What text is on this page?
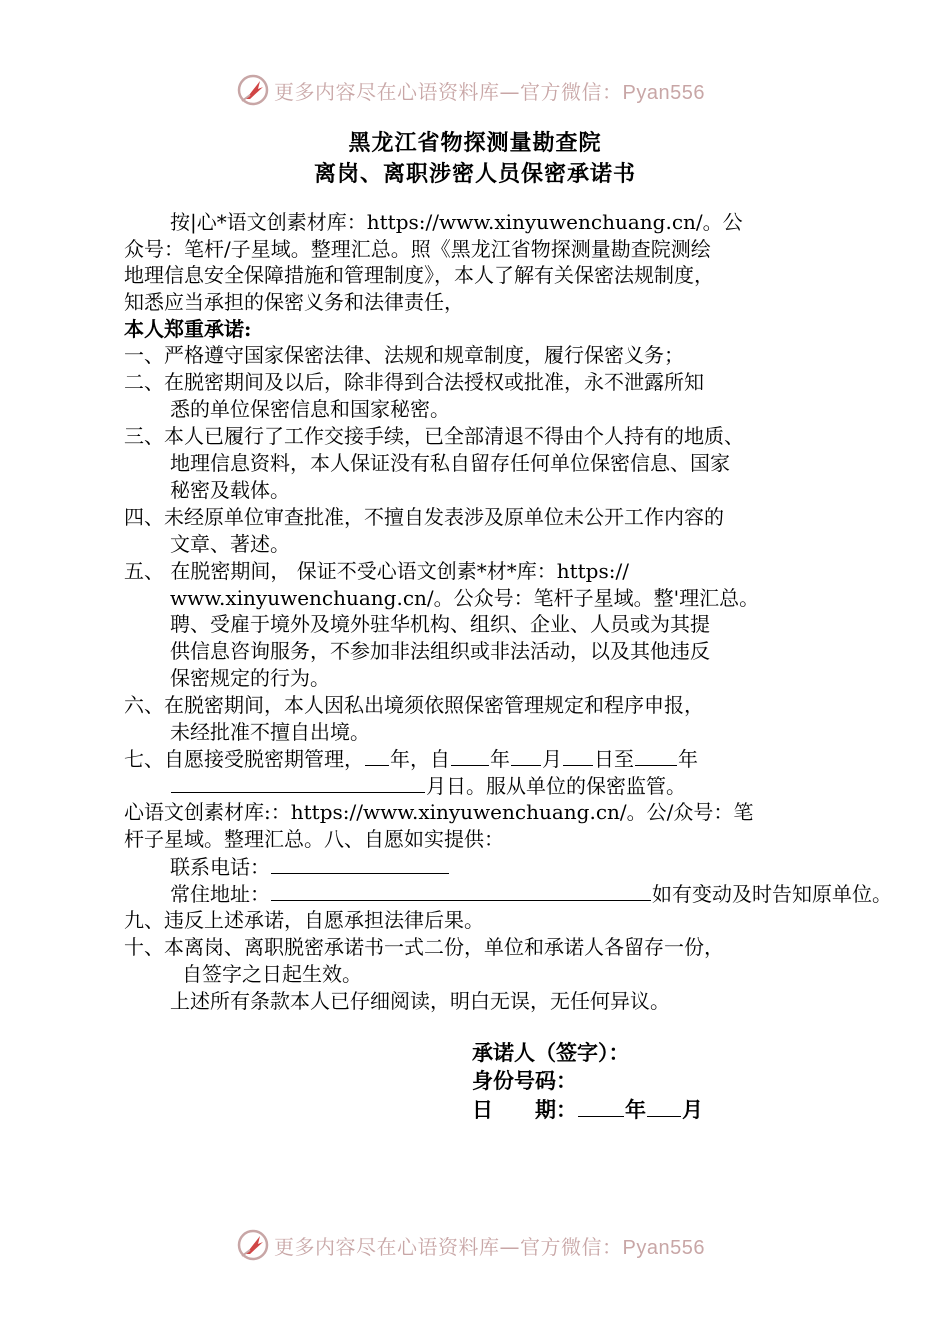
更多内容尽在心语资料库—官方微信：Pyan556
黑龙江省物探测量勘查院
离岗、离职涉密人员保密承诺书
按|心*语文创素材库：https://www.xinyuwenchuang.cn/。公
众号：笔杆/子星域。整理汇总。照《黑龙江省物探测量勘查院测绘
地理信息安全保障措施和管理制度》，本人了解有关保密法规制度，
知悉应当承担的保密义务和法律责任，
本人郑重承诺:
一、严格遵守国家保密法律、法规和规章制度，履行保密义务；
二、在脱密期间及以后，除非得到合法授权或批准，永不泄露所知
悉的单位保密信息和国家秘密。
三、本人已履行了工作交接手续，已全部清退不得由个人持有的地质、
地理信息资料，本人保证没有私自留存任何单位保密信息、国家
秘密及载体。
四、未经原单位审查批准，不擅自发表涉及原单位未公开工作内容的
文章、著述。
五、 在脱密期间， 保证不受心语文创素*材*库：https://
www.xinyuwenchuang.cn/。公众号：笔杆子星域。整'理汇总。
聘、受雇于境外及境外驻华机构、组织、企业、人员或为其提
供信息咨询服务，不参加非法组织或非法活动，以及其他违反
保密规定的行为。
六、在脱密期间，本人因私出境须依照保密管理规定和程序申报，
未经批准不擅自出境。
七、自愿接受脱密期管理， 年，自 年 月 日至 年
月日。服从单位的保密监管。
心语文创素材库:：https://www.xinyuwenchuang.cn/。公/众号：笔
杆子星域。整理汇总。八、自愿如实提供：
联系电话：
常住地址：	如有变动及时告知原单位。
九、违反上述承诺，自愿承担法律后果。
十、本离岗、离职脱密承诺书一式二份，单位和承诺人各留存一份，
自签字之日起生效。
上述所有条款本人已仔细阅读，明白无误，无任何异议。
承诺人（签字）：
身份号码：
日　　期： 年 月
更多内容尽在心语资料库—官方微信：Pyan556
